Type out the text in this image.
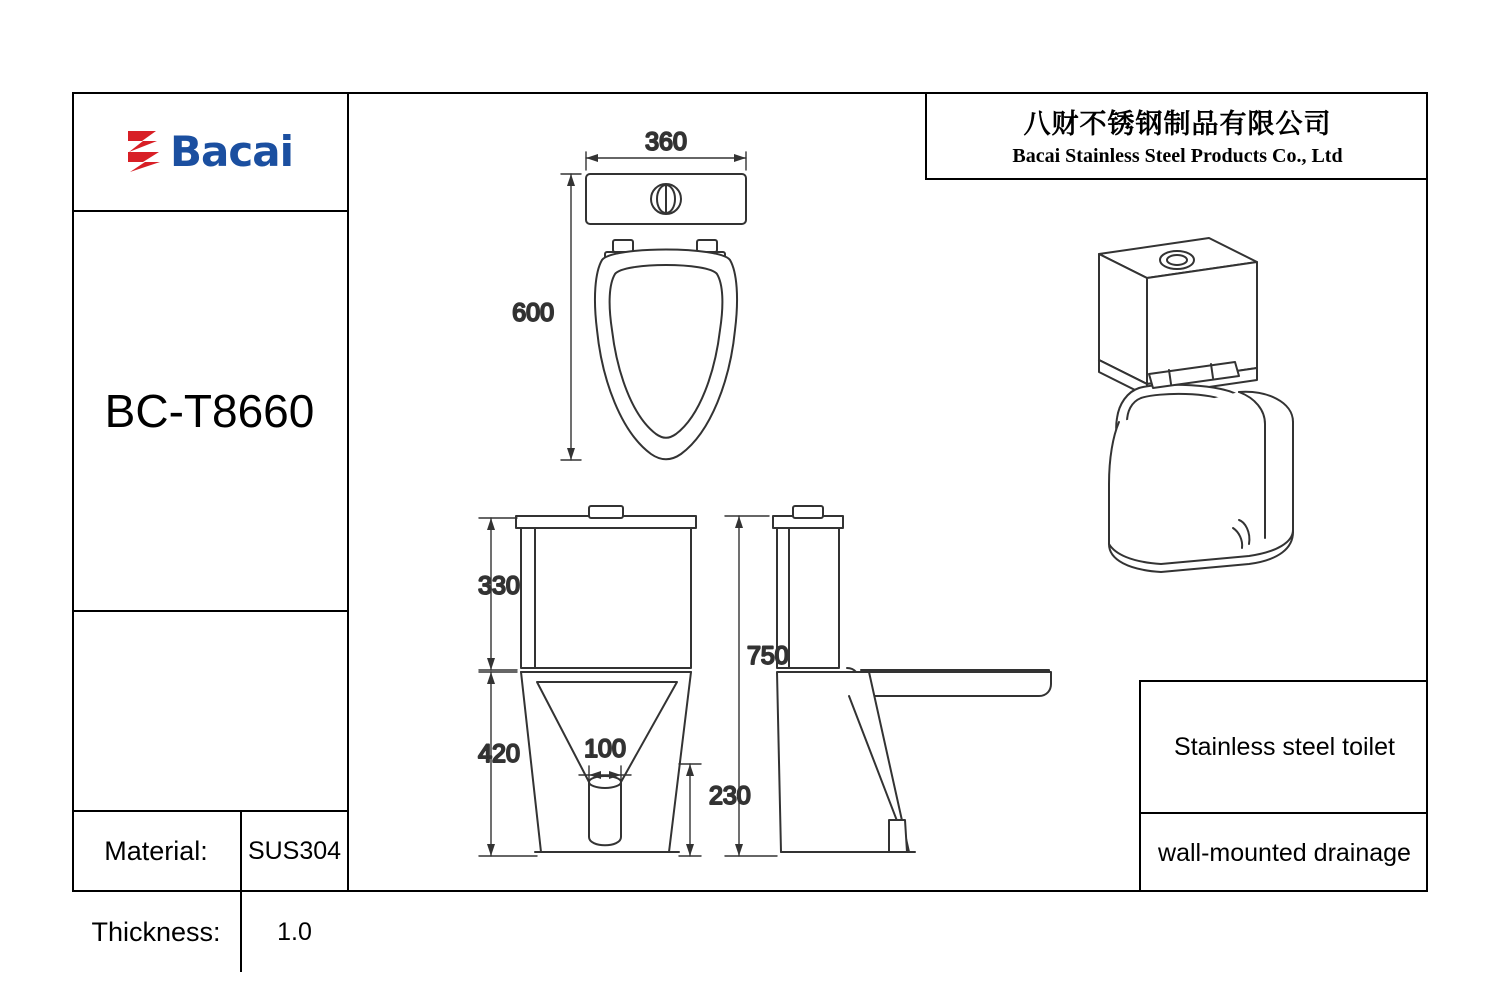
Bacai
BC-T8660
Material:	SUS304
Thickness:	1.0
八财不锈钢制品有限公司
Bacai Stainless Steel Products Co., Ltd
Stainless steel toilet
wall-mounted drainage
360
600
330
420	100
230
750
